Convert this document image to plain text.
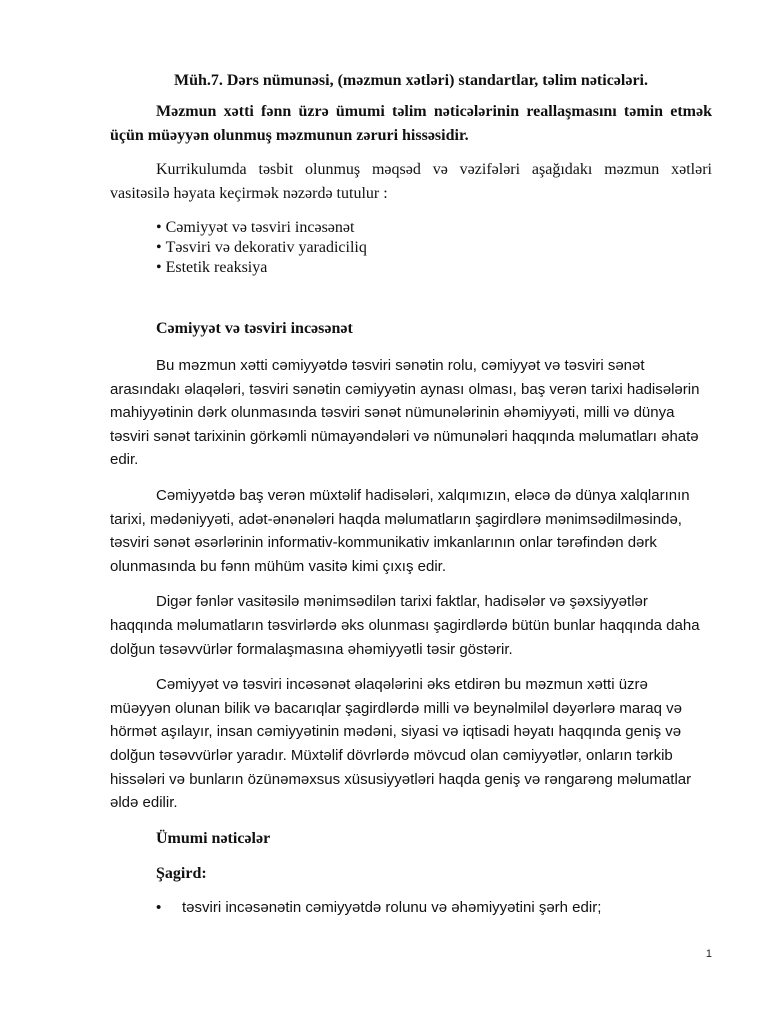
Müh.7. Dərs nümunəsi, (məzmun xətləri) standartlar, təlim nəticələri.

Məzmun xətti fənn üzrə ümumi təlim nəticələrinin reallaşmasını təmin etmək üçün müəyyən olunmuş məzmunun zəruri hissəsidir.

Kurrikulumda təsbit olunmuş məqsəd və vəzifələri aşağıdakı məzmun xətləri vasitəsilə həyata keçirmək nəzərdə tutulur :

• Cəmiyyət və təsviri incəsənət
• Təsviri və dekorativ yaradiciliq
• Estetik reaksiya

Cəmiyyət və təsviri incəsənət

Bu məzmun xətti cəmiyyətdə təsviri sənətin rolu, cəmiyyət və təsviri sənət arasındakı əlaqələri, təsviri sənətin cəmiyyətin aynası olması, baş verən tarixi hadisələrin mahiyyətinin dərk olunmasında təsviri sənət nümunələrinin əhəmiyyəti, milli və dünya təsviri sənət tarixinin görkəmli nümayəndələri və nümunələri haqqında məlumatları əhatə edir.

Cəmiyyətdə baş verən müxtəlif hadisələri, xalqımızın, eləcə də dünya xalqlarının tarixi, mədəniyyəti, adət-ənənələri haqda məlumatların şagirdlərə mənimsədilməsində, təsviri sənət əsərlərinin informativ-kommunikativ imkanlarının onlar tərəfindən dərk olunmasında bu fənn mühüm vasitə kimi çıxış edir.

Digər fənlər vasitəsilə mənimsədilən tarixi faktlar, hadisələr və şəxsiyyətlər haqqında məlumatların təsvirlərdə əks olunması şagirdlərdə bütün bunlar haqqında daha dolğun təsəvvürlər formalaşmasına əhəmiyyətli təsir göstərir.

Cəmiyyət və təsviri incəsənət əlaqələrini əks etdirən bu məzmun xətti üzrə müəyyən olunan bilik və bacarıqlar şagirdlərdə milli və beynəlmiləl dəyərlərə maraq və hörmət aşılayır, insan cəmiyyətinin mədəni, siyasi və iqtisadi həyatı haqqında geniş və dolğun təsəvvürlər yaradır. Müxtəlif dövrlərdə mövcud olan cəmiyyətlər, onların tərkib hissələri və bunların özünəməxsus xüsusiyyətləri haqda geniş və rəngarəng məlumatlar əldə edilir.

Ümumi nəticələr

Şagird:

• təsviri incəsənətin cəmiyyətdə rolunu və əhəmiyyətini şərh edir;
1
